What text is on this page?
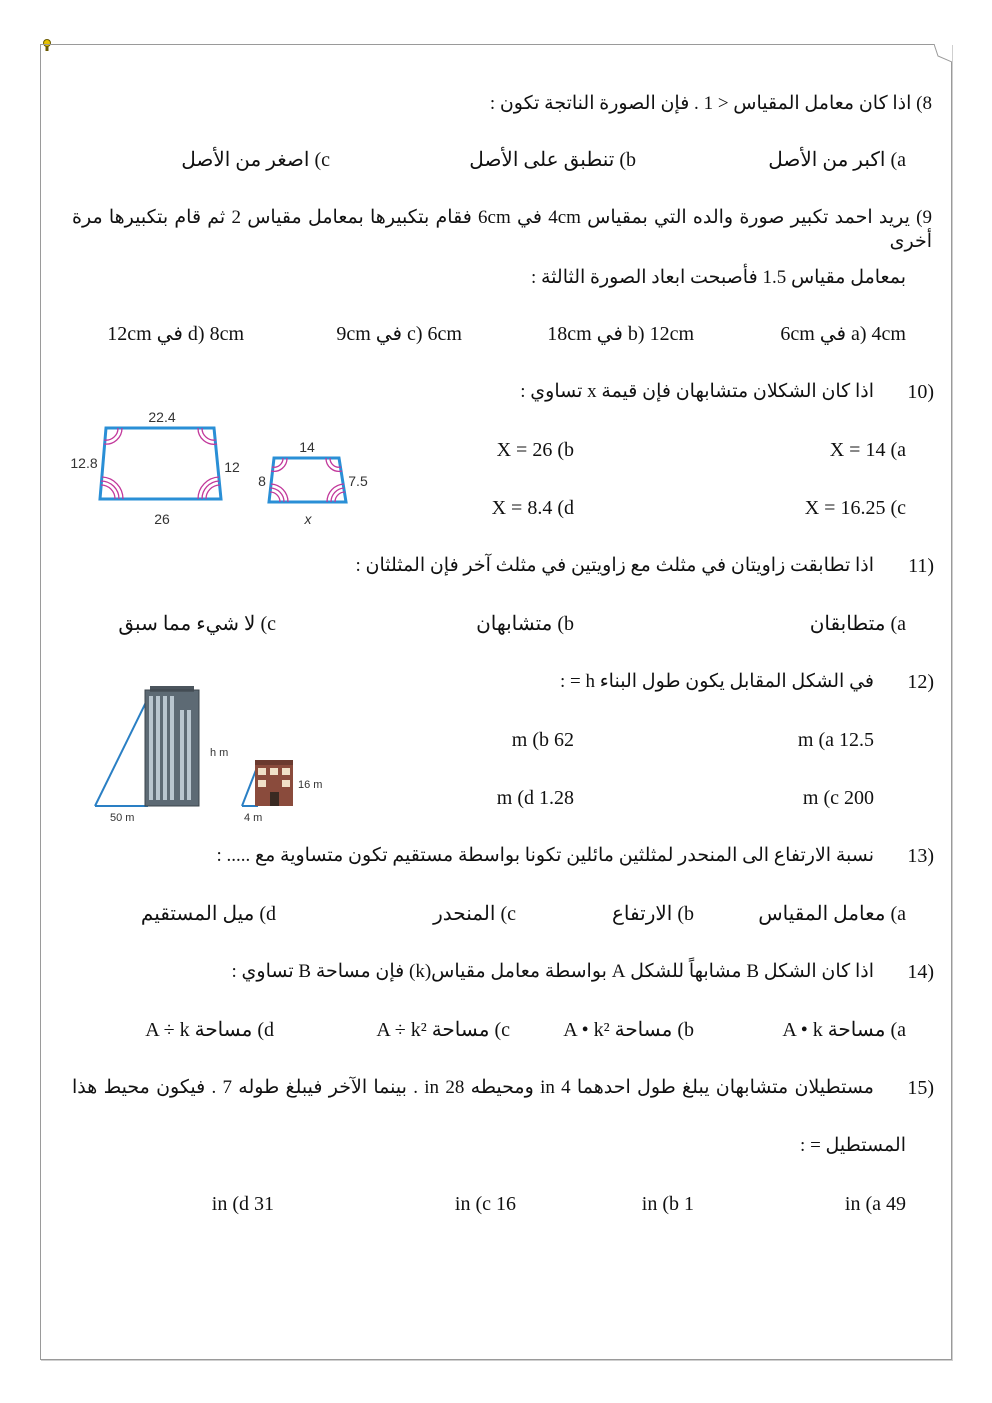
8) اذا كان معامل المقياس < 1 . فإن الصورة الناتجة تكون :
a) اكبر من الأصل
b) تنطبق على الأصل
c) اصغر من الأصل
9) يريد احمد تكبير صورة والده التي بمقياس 4cm في 6cm فقام بتكبيرها بمعامل مقياس 2 ثم قام بتكبيرها مرة أخرى
بمعامل مقياس 1.5 فأصبحت ابعاد الصورة الثالثة :
a) 4cm في 6cm
b) 12cm في 18cm
c) 6cm في 9cm
d) 8cm في 12cm
10)
اذا كان الشكلان متشابهان فإن قيمة x تساوي :
X = 14 (a
X = 26 (b
X = 16.25 (c
X = 8.4 (d
22.4
12.8	12
26
14
8	7.5
x
11)
اذا تطابقت زاويتان في مثلث مع زاويتين في مثلث آخر فإن المثلثان :
a) متطابقان
b) متشابهان
c) لا شيء مما سبق
12)
في الشكل المقابل يكون طول البناء h = :
12.5 m (a
62 m (b
200 m (c
1.28 m (d
h m
50 m
16 m
4 m
13)
نسبة الارتفاع الى المنحدر لمثلثين مائلين تكونا بواسطة مستقيم تكون متساوية مع ..... :
a) معامل المقياس
b) الارتفاع
c) المنحدر
d) ميل المستقيم
14)
اذا كان الشكل B مشابهاً للشكل A بواسطة معامل مقياس(k) فإن مساحة B تساوي :
a) مساحة A • k
b) مساحة A • k²
c) مساحة A ÷ k²
d) مساحة A ÷ k
15)
مستطيلان متشابهان يبلغ طول احدهما 4 in ومحيطه 28 in . بينما الآخر فيبلغ طوله 7 . فيكون محيط هذا
المستطيل = :
49 in (a
1 in (b
16 in (c
31 in (d
